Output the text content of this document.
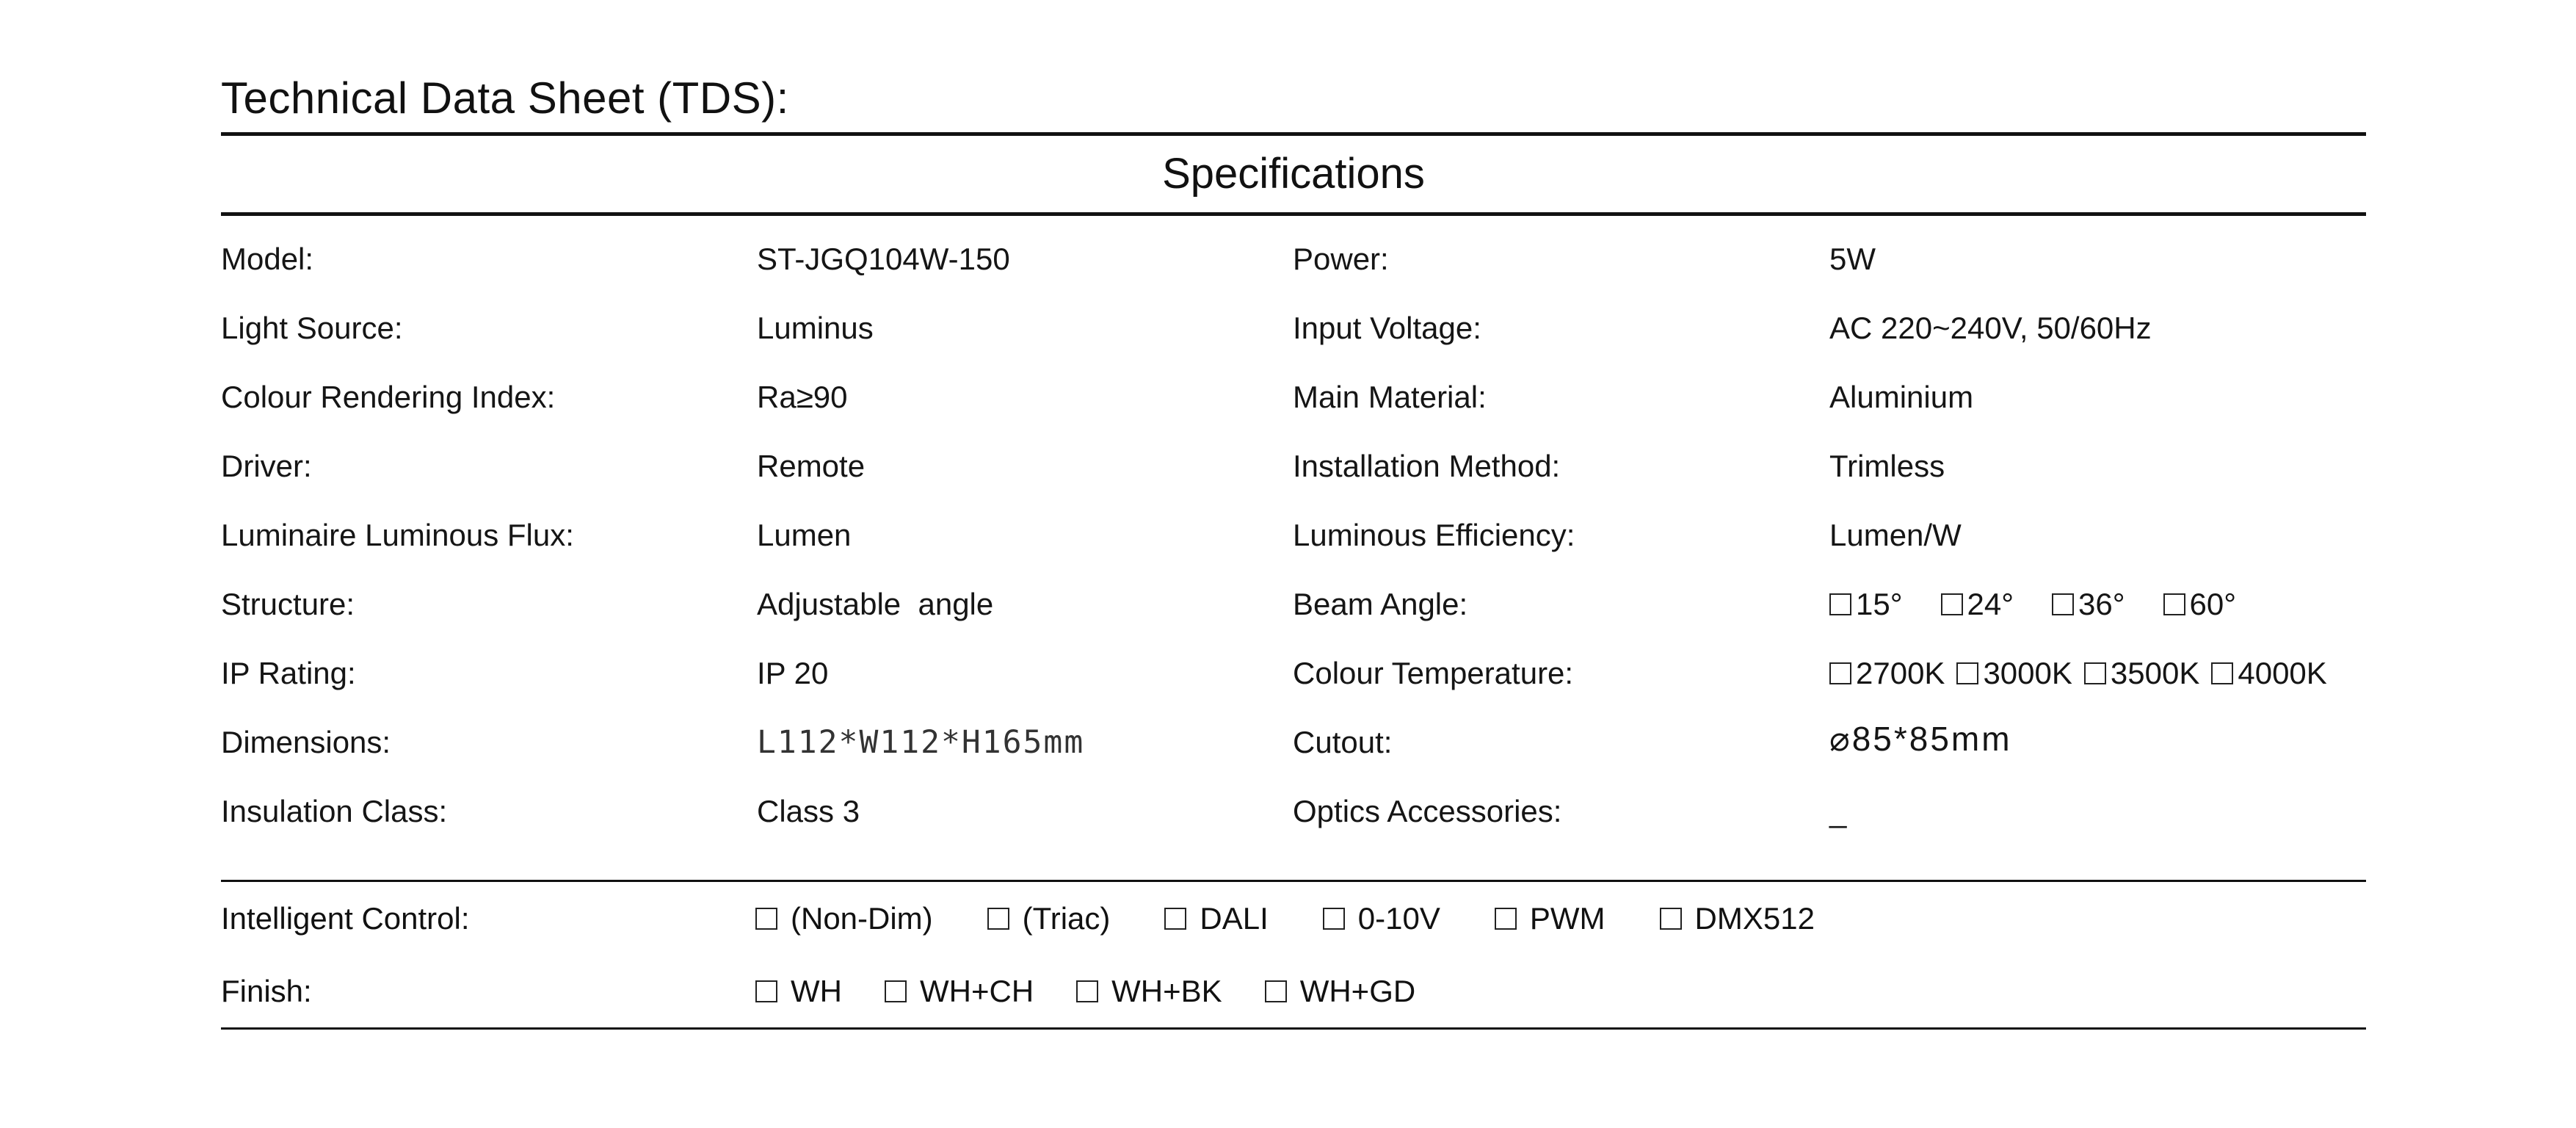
Technical Data Sheet (TDS):
Specifications
Model:	ST-JGQ104W-150	Power:	5W
Light Source:	Luminus	Input Voltage:	AC 220~240V, 50/60Hz
Colour Rendering Index:	Ra≥90	Main Material:	Aluminium
Driver:	Remote	Installation Method:	Trimless
Luminaire Luminous Flux:	Lumen	Luminous Efficiency:	Lumen/W
Structure:	Adjustable  angle	Beam Angle:	15° 24° 36° 60°
IP Rating:	IP 20	Colour Temperature:	2700K 3000K 3500K 4000K
Dimensions:	L112*W112*H165mm	Cutout:	⌀85*85mm
Insulation Class:	Class 3	Optics Accessories:	_
Intelligent Control:	(Non-Dim)	(Triac)	DALI	0-10V	PWM	DMX512
Finish:	WH	WH+CH	WH+BK	WH+GD
